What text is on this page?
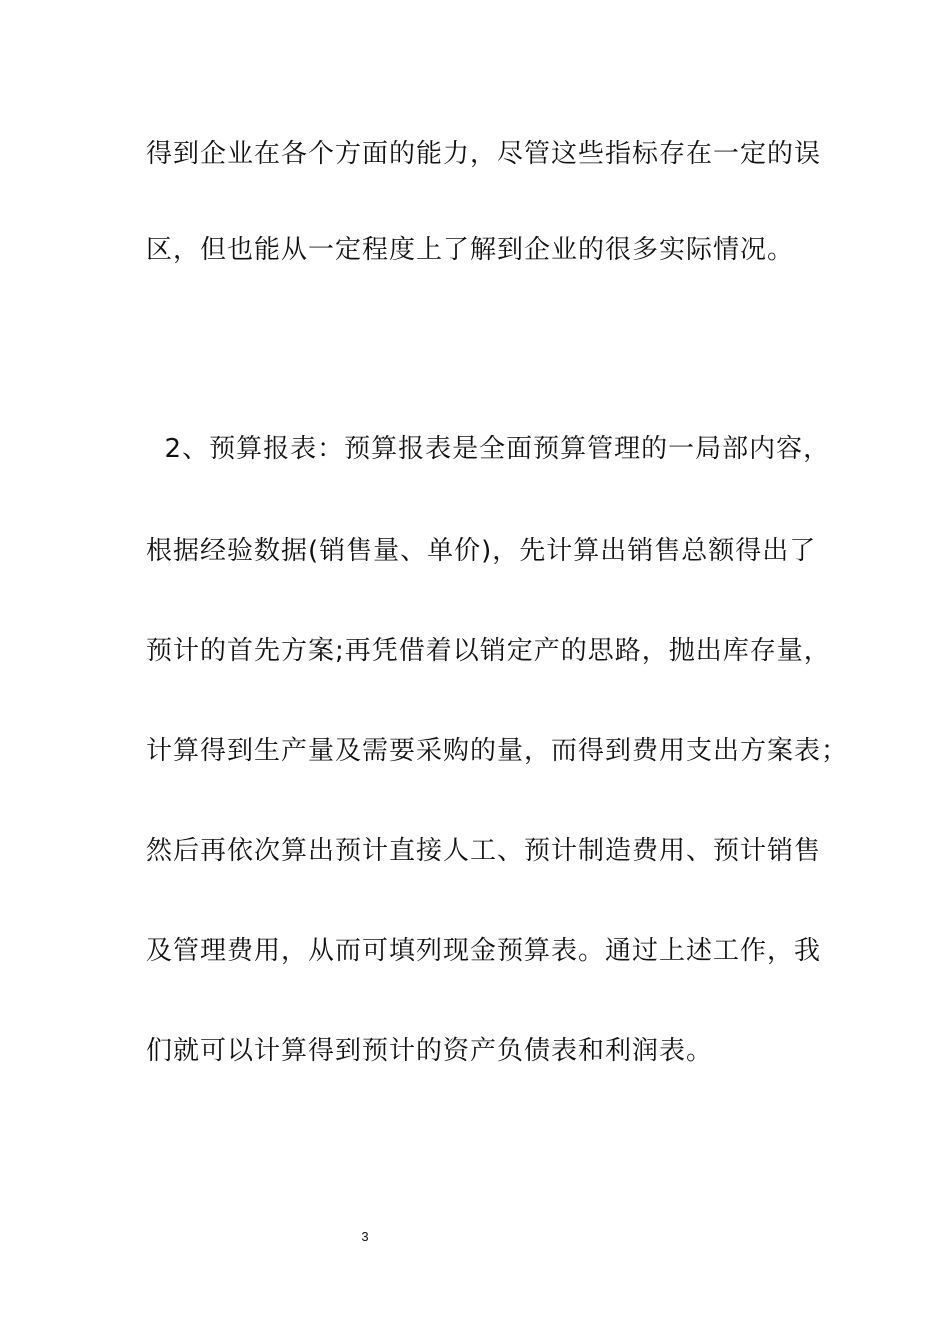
得到企业在各个方面的能力，尽管这些指标存在一定的误
区，但也能从一定程度上了解到企业的很多实际情况。
2、预算报表：预算报表是全面预算管理的一局部内容，
根据经验数据(销售量、单价)，先计算出销售总额得出了
预计的首先方案;再凭借着以销定产的思路，抛出库存量，
计算得到生产量及需要采购的量，而得到费用支出方案表；
然后再依次算出预计直接人工、预计制造费用、预计销售
及管理费用，从而可填列现金预算表。通过上述工作，我
们就可以计算得到预计的资产负债表和利润表。
3
